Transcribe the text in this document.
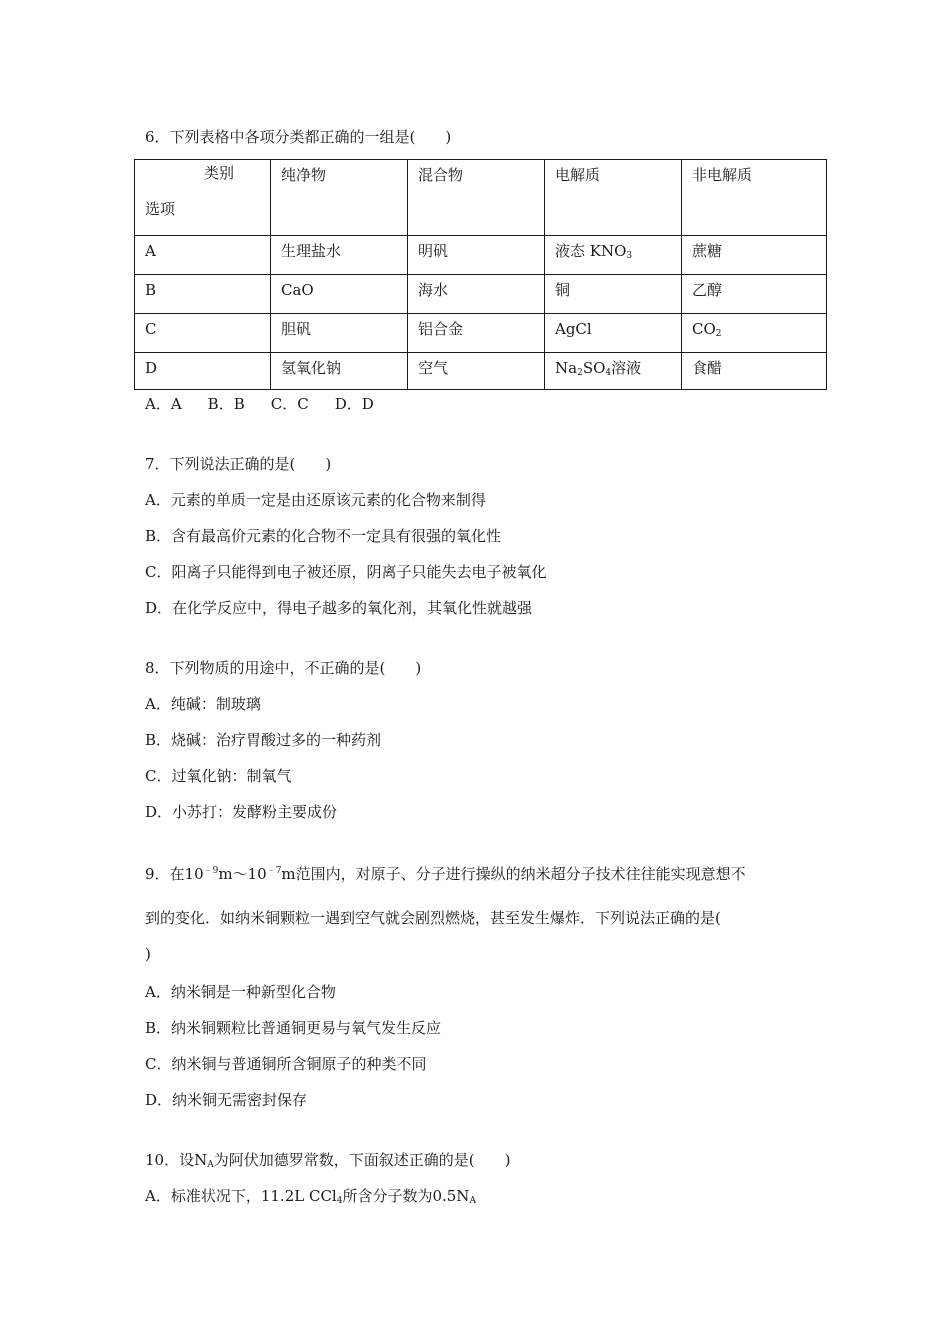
6．下列表格中各项分类都正确的一组是(　　)
类别
选项	纯净物	混合物	电解质	非电解质
A	生理盐水	明矾	液态 $KNO_3$	蔗糖
B	CaO	海水	铜	乙醇
C	胆矾	铝合金	AgCl	$CO_2$
D	氢氧化钠	空气	$Na_2SO_4$溶液	食醋
A．A B．B C．C D．D
7．下列说法正确的是(　　)
A．元素的单质一定是由还原该元素的化合物来制得
B．含有最高价元素的化合物不一定具有很强的氧化性
C．阳离子只能得到电子被还原，阴离子只能失去电子被氧化
D．在化学反应中，得电子越多的氧化剂，其氧化性就越强
8．下列物质的用途中，不正确的是(　　)
A．纯碱：制玻璃
B．烧碱：治疗胃酸过多的一种药剂
C．过氧化钠：制氧气
D．小苏打：发酵粉主要成份
9．在$10^{﹣9}m\sim 10^{﹣7}m$范围内，对原子、分子进行操纵的纳米超分子技术往往能实现意想不
到的变化．如纳米铜颗粒一遇到空气就会剧烈燃烧，甚至发生爆炸．下列说法正确的是(
)
A．纳米铜是一种新型化合物
B．纳米铜颗粒比普通铜更易与氧气发生反应
C．纳米铜与普通铜所含铜原子的种类不同
D．纳米铜无需密封保存
10．设$N_A$为阿伏加德罗常数，下面叙述正确的是(　　)
A．标准状况下，11.2L CCl$_4$所含分子数为$0.5N_A$
